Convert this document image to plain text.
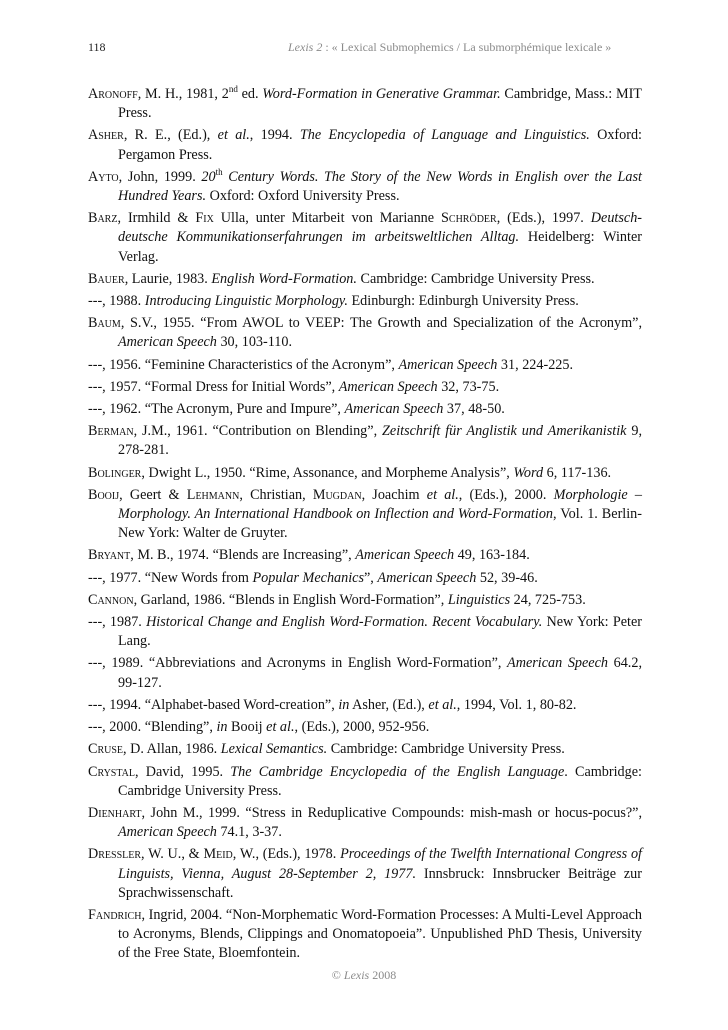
118	Lexis 2 : « Lexical Submophemics / La submorphémique lexicale »

Aronoff, M. H., 1981, 2nd ed. Word-Formation in Generative Grammar. Cambridge, Mass.: MIT Press.

Asher, R. E., (Ed.), et al., 1994. The Encyclopedia of Language and Linguistics. Oxford: Pergamon Press.

Ayto, John, 1999. 20th Century Words. The Story of the New Words in English over the Last Hundred Years. Oxford: Oxford University Press.

Barz, Irmhild & Fix Ulla, unter Mitarbeit von Marianne Schröder, (Eds.), 1997. Deutsch-deutsche Kommunikationserfahrungen im arbeitsweltlichen Alltag. Heidelberg: Winter Verlag.

Bauer, Laurie, 1983. English Word-Formation. Cambridge: Cambridge University Press.

---, 1988. Introducing Linguistic Morphology. Edinburgh: Edinburgh University Press.

Baum, S.V., 1955. “From AWOL to VEEP: The Growth and Specialization of the Acronym”, American Speech 30, 103-110.

---, 1956. “Feminine Characteristics of the Acronym”, American Speech 31, 224-225.

---, 1957. “Formal Dress for Initial Words”, American Speech 32, 73-75.

---, 1962. “The Acronym, Pure and Impure”, American Speech 37, 48-50.

Berman, J.M., 1961. “Contribution on Blending”, Zeitschrift für Anglistik und Amerikanistik 9, 278-281.

Bolinger, Dwight L., 1950. “Rime, Assonance, and Morpheme Analysis”, Word 6, 117-136.

Booij, Geert & Lehmann, Christian, Mugdan, Joachim et al., (Eds.), 2000. Morphologie – Morphology. An International Handbook on Inflection and Word-Formation, Vol. 1. Berlin-New York: Walter de Gruyter.

Bryant, M. B., 1974. “Blends are Increasing”, American Speech 49, 163-184.

---, 1977. “New Words from Popular Mechanics”, American Speech 52, 39-46.

Cannon, Garland, 1986. “Blends in English Word-Formation”, Linguistics 24, 725-753.

---, 1987. Historical Change and English Word-Formation. Recent Vocabulary. New York: Peter Lang.

---, 1989. “Abbreviations and Acronyms in English Word-Formation”, American Speech 64.2, 99-127.

---, 1994. “Alphabet-based Word-creation”, in Asher, (Ed.), et al., 1994, Vol. 1, 80-82.

---, 2000. “Blending”, in Booij et al., (Eds.), 2000, 952-956.

Cruse, D. Allan, 1986. Lexical Semantics. Cambridge: Cambridge University Press.

Crystal, David, 1995. The Cambridge Encyclopedia of the English Language. Cambridge: Cambridge University Press.

Dienhart, John M., 1999. “Stress in Reduplicative Compounds: mish-mash or hocus-pocus?”, American Speech 74.1, 3-37.

Dressler, W. U., & Meid, W., (Eds.), 1978. Proceedings of the Twelfth International Congress of Linguists, Vienna, August 28-September 2, 1977. Innsbruck: Innsbrucker Beiträge zur Sprachwissenschaft.

Fandrich, Ingrid, 2004. “Non-Morphematic Word-Formation Processes: A Multi-Level Approach to Acronyms, Blends, Clippings and Onomatopoeia”. Unpublished PhD Thesis, University of the Free State, Bloemfontein.

© Lexis 2008
